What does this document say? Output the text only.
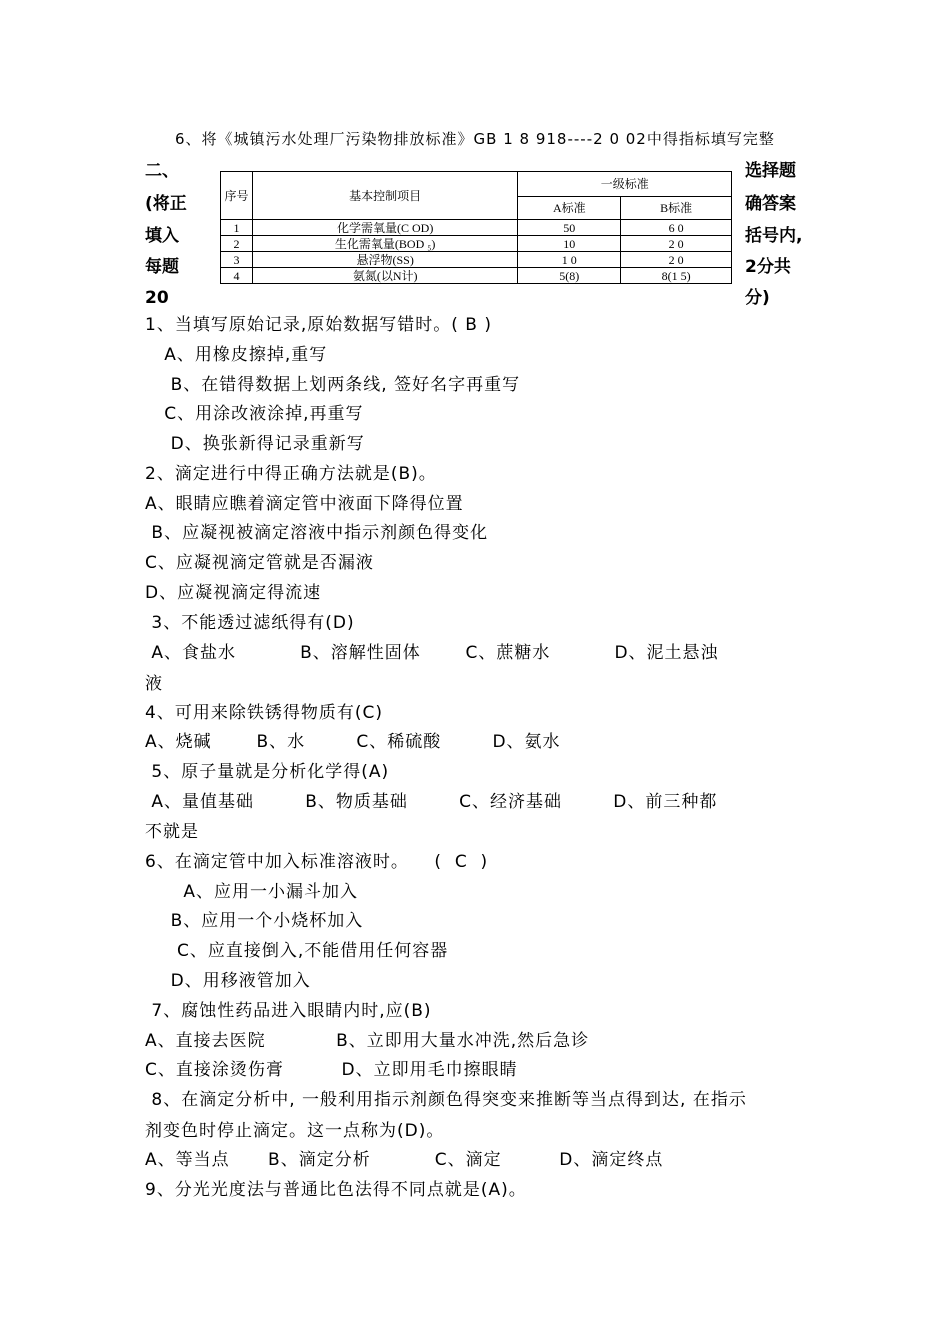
6、将《城镇污水处理厂污染物排放标准》GB 1 8 918----2 0 02中得指标填写完整
二、
(将正
填入
每题
20
选择题
确答案
括号内,
2分共
分)
序号	基本控制项目	一级标准	
		A标准	B标准
1	化学需氧量(C OD)	50	6 0
2	生化需氧量(BOD ₅)	10	2 0
3	悬浮物(SS)	1 0	2 0
4	氨氮(以N计)	5(8)	8(1 5)
1、当填写原始记录,原始数据写错时。( B )
A、用橡皮擦掉,重写
B、在错得数据上划两条线, 签好名字再重写
C、用涂改液涂掉,再重写
D、换张新得记录重新写
2、滴定进行中得正确方法就是(B)。
A、眼睛应瞧着滴定管中液面下降得位置
B、应凝视被滴定溶液中指示剂颜色得变化
C、应凝视滴定管就是否漏液
D、应凝视滴定得流速
3、不能透过滤纸得有(D)
A、食盐水          B、溶解性固体       C、蔗糖水          D、泥土悬浊
液
4、可用来除铁锈得物质有(C)
A、烧碱       B、水        C、稀硫酸        D、氨水
5、原子量就是分析化学得(A)
A、量值基础        B、物质基础        C、经济基础        D、前三种都
不就是
6、在滴定管中加入标准溶液时。    (  C  )
A、应用一小漏斗加入
B、应用一个小烧杯加入
C、应直接倒入,不能借用任何容器
D、用移液管加入
7、腐蚀性药品进入眼睛内时,应(B)
A、直接去医院           B、立即用大量水冲洗,然后急诊
C、直接涂烫伤膏         D、立即用毛巾擦眼睛
8、在滴定分析中, 一般利用指示剂颜色得突变来推断等当点得到达, 在指示
剂变色时停止滴定。这一点称为(D)。
A、等当点      B、滴定分析          C、滴定         D、滴定终点
9、分光光度法与普通比色法得不同点就是(A)。
